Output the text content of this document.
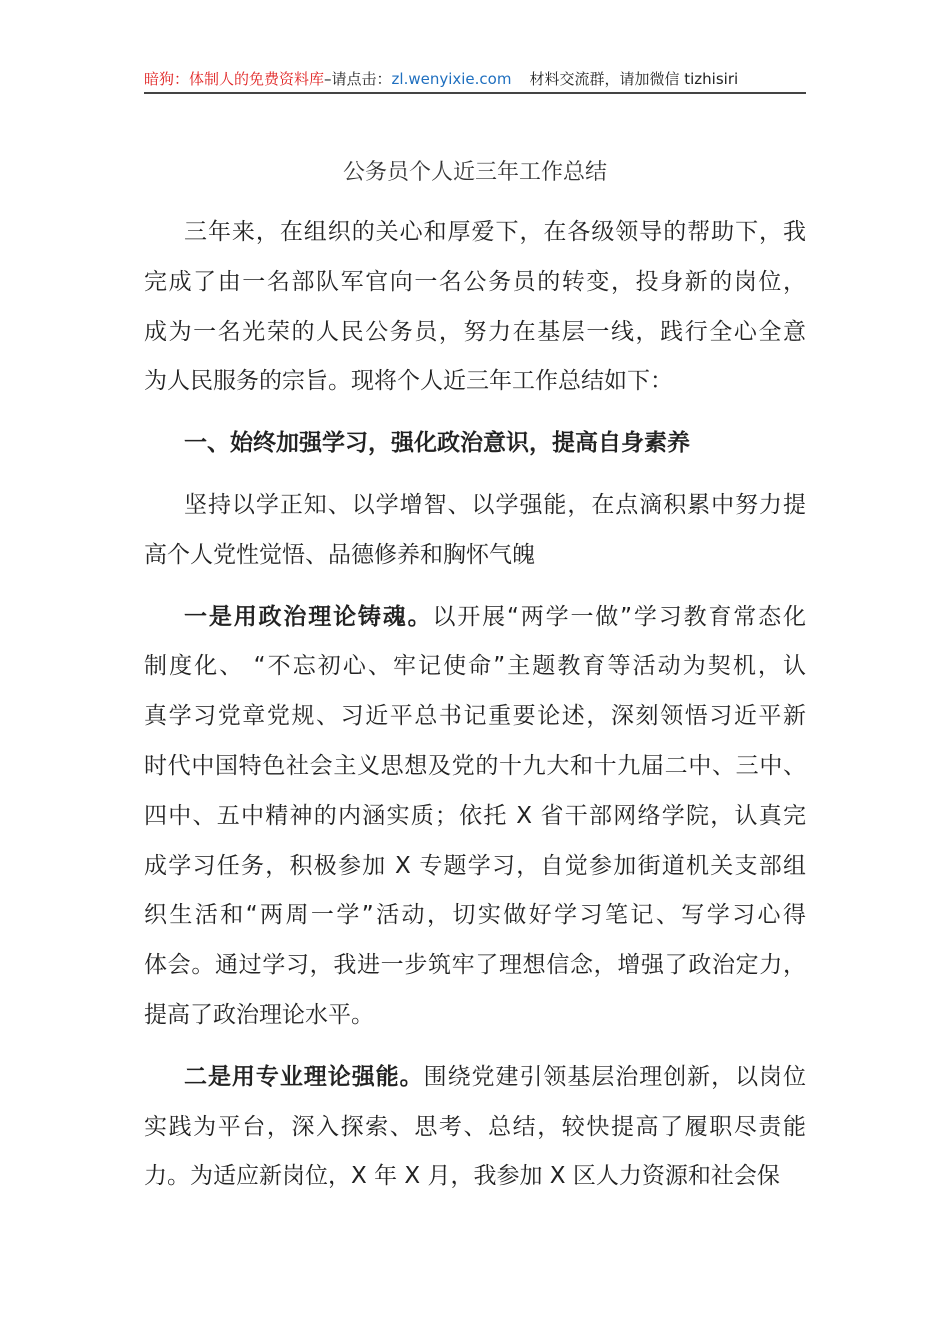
暗狗：体制人的免费资料库–请点击：zl.wenyixie.com 材料交流群，请加微信 tizhisiri
公务员个人近三年工作总结
三年来，在组织的关心和厚爱下，在各级领导的帮助下，我
完成了由一名部队军官向一名公务员的转变，投身新的岗位，
成为一名光荣的人民公务员，努力在基层一线，践行全心全意
为人民服务的宗旨。现将个人近三年工作总结如下：
一、始终加强学习，强化政治意识，提高自身素养
坚持以学正知、以学增智、以学强能，在点滴积累中努力提
高个人党性觉悟、品德修养和胸怀气魄
一是用政治理论铸魂。以开展“两学一做”学习教育常态化
制度化、 “不忘初心、牢记使命”主题教育等活动为契机，认
真学习党章党规、习近平总书记重要论述，深刻领悟习近平新
时代中国特色社会主义思想及党的十九大和十九届二中、三中、
四中、五中精神的内涵实质；依托 X 省干部网络学院，认真完
成学习任务，积极参加 X 专题学习，自觉参加街道机关支部组
织生活和“两周一学”活动，切实做好学习笔记、写学习心得
体会。通过学习，我进一步筑牢了理想信念，增强了政治定力，
提高了政治理论水平。
二是用专业理论强能。围绕党建引领基层治理创新，以岗位
实践为平台，深入探索、思考、总结，较快提高了履职尽责能
力。为适应新岗位，X 年 X 月，我参加 X 区人力资源和社会保
